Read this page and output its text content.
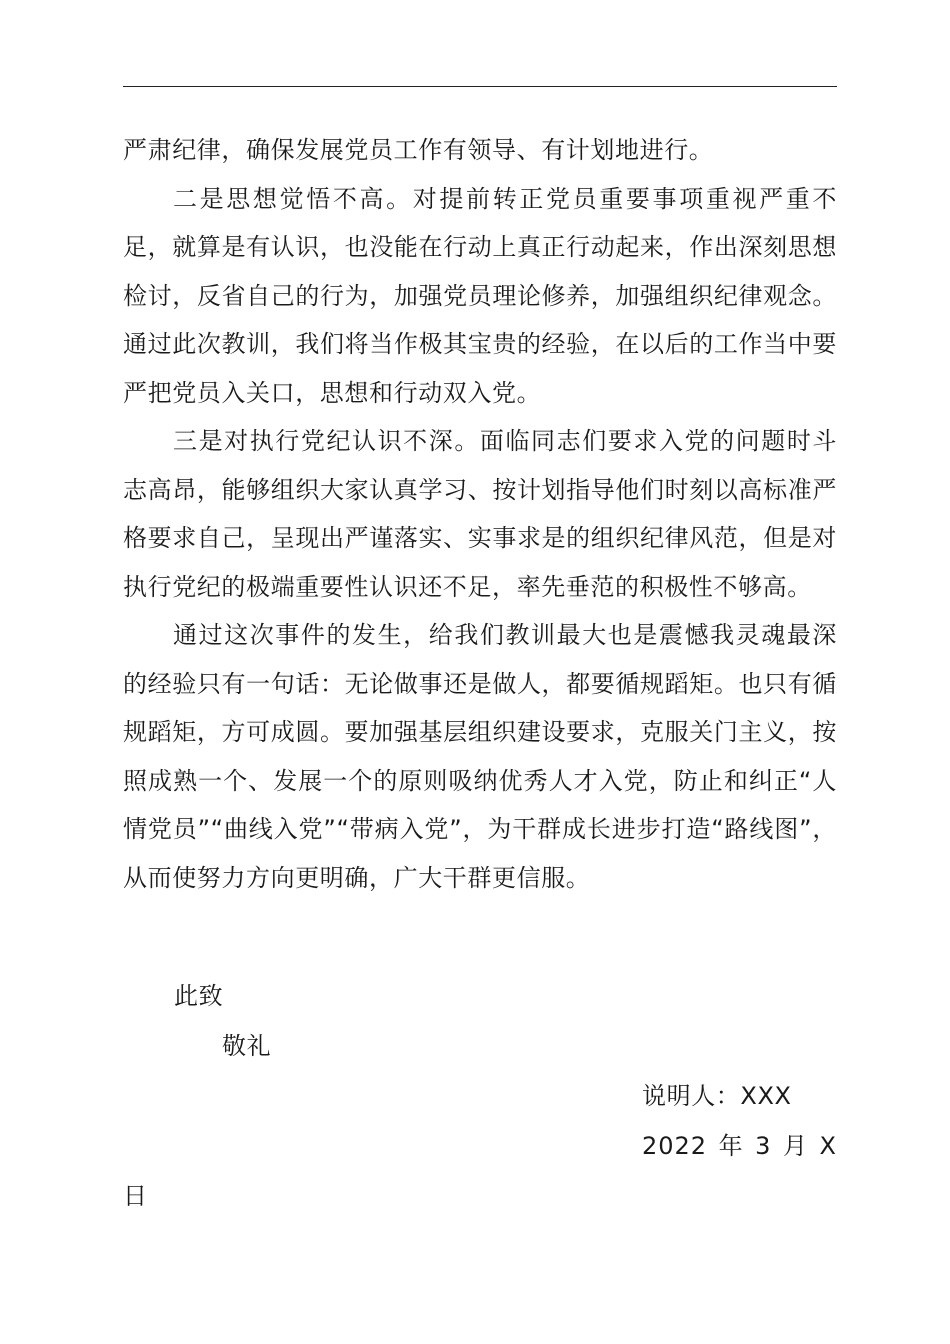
严肃纪律，确保发展党员工作有领导、有计划地进行。

二是思想觉悟不高。对提前转正党员重要事项重视严重不足，就算是有认识，也没能在行动上真正行动起来，作出深刻思想检讨，反省自己的行为，加强党员理论修养，加强组织纪律观念。通过此次教训，我们将当作极其宝贵的经验，在以后的工作当中要严把党员入关口，思想和行动双入党。

三是对执行党纪认识不深。面临同志们要求入党的问题时斗志高昂，能够组织大家认真学习、按计划指导他们时刻以高标准严格要求自己，呈现出严谨落实、实事求是的组织纪律风范，但是对执行党纪的极端重要性认识还不足，率先垂范的积极性不够高。

通过这次事件的发生，给我们教训最大也是震憾我灵魂最深的经验只有一句话：无论做事还是做人，都要循规蹈矩。也只有循规蹈矩，方可成圆。要加强基层组织建设要求，克服关门主义，按照成熟一个、发展一个的原则吸纳优秀人才入党，防止和纠正“人情党员”“曲线入党”“带病入党”，为干群成长进步打造“路线图”，从而使努力方向更明确，广大干群更信服。

此致
敬礼
说明人：XXX
2022 年 3 月 X
日
